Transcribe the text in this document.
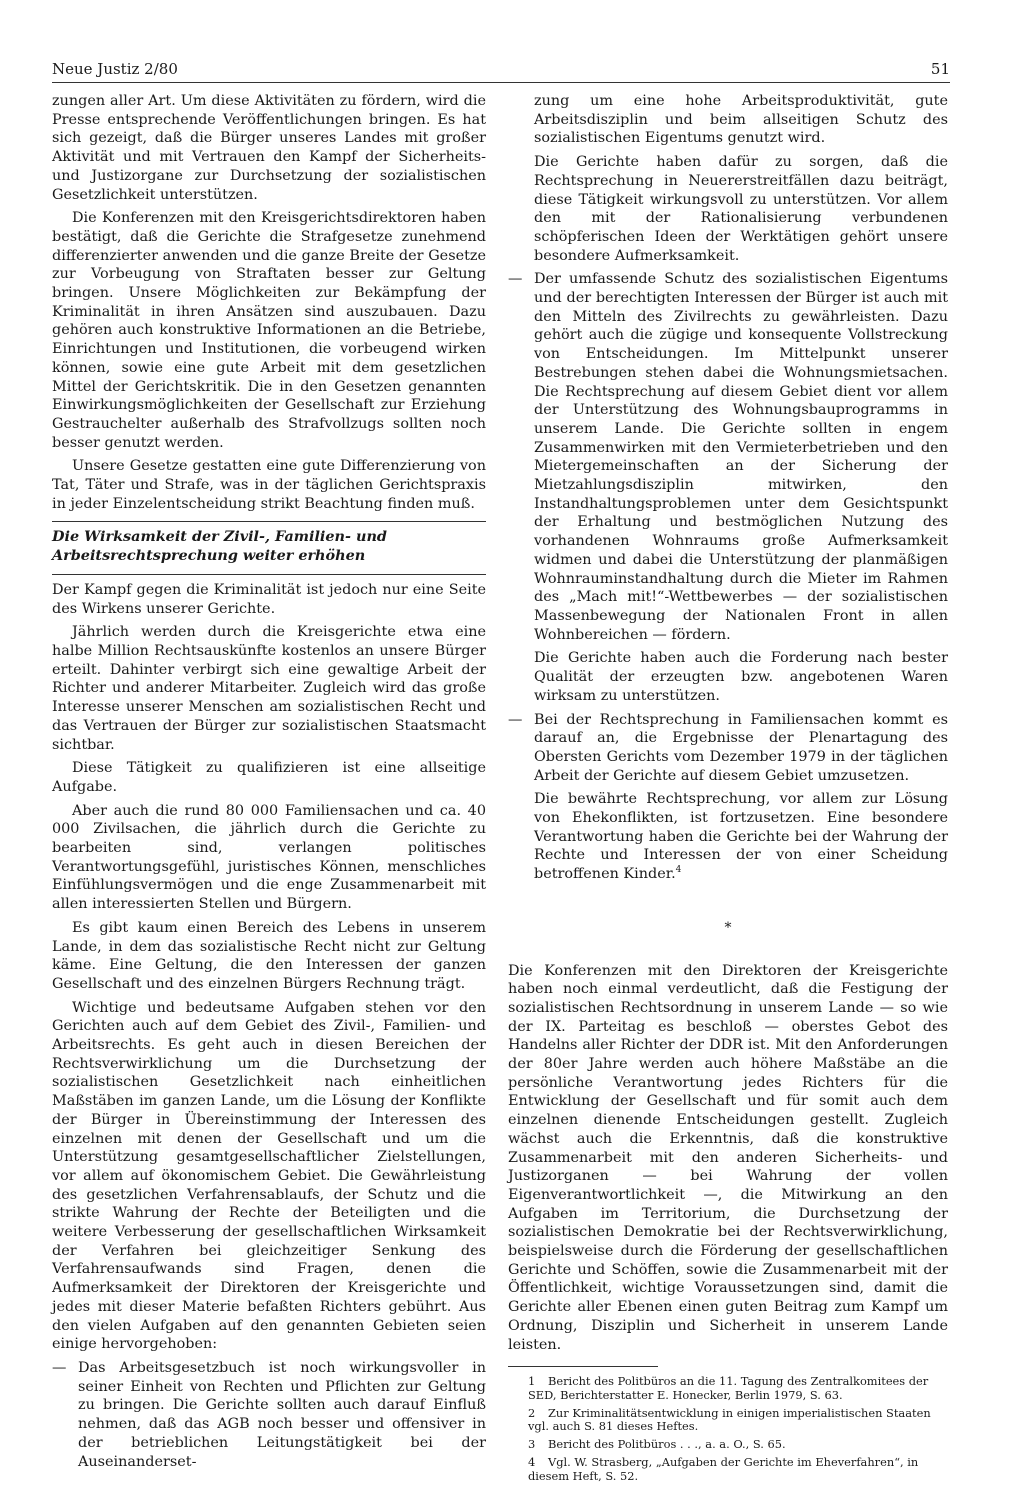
Neue Justiz 2/80	51

zungen aller Art. Um diese Aktivitäten zu fördern, wird die Presse entsprechende Veröffentlichungen bringen. Es hat sich gezeigt, daß die Bürger unseres Landes mit großer Aktivität und mit Vertrauen den Kampf der Sicherheits- und Justizorgane zur Durchsetzung der sozialistischen Gesetzlichkeit unterstützen.

Die Konferenzen mit den Kreisgerichtsdirektoren haben bestätigt, daß die Gerichte die Strafgesetze zunehmend differenzierter anwenden und die ganze Breite der Gesetze zur Vorbeugung von Straftaten besser zur Geltung bringen. Unsere Möglichkeiten zur Bekämpfung der Kriminalität in ihren Ansätzen sind auszubauen. Dazu gehören auch konstruktive Informationen an die Betriebe, Einrichtungen und Institutionen, die vorbeugend wirken können, sowie eine gute Arbeit mit dem gesetzlichen Mittel der Gerichtskritik. Die in den Gesetzen genannten Einwirkungsmöglichkeiten der Gesellschaft zur Erziehung Gestrauchelter außerhalb des Strafvollzugs sollten noch besser genutzt werden.

Unsere Gesetze gestatten eine gute Differenzierung von Tat, Täter und Strafe, was in der täglichen Gerichtspraxis in jeder Einzelentscheidung strikt Beachtung finden muß.

Die Wirksamkeit der Zivil-, Familien- und
Arbeitsrechtsprechung weiter erhöhen

Der Kampf gegen die Kriminalität ist jedoch nur eine Seite des Wirkens unserer Gerichte.

Jährlich werden durch die Kreisgerichte etwa eine halbe Million Rechtsauskünfte kostenlos an unsere Bürger erteilt. Dahinter verbirgt sich eine gewaltige Arbeit der Richter und anderer Mitarbeiter. Zugleich wird das große Interesse unserer Menschen am sozialistischen Recht und das Vertrauen der Bürger zur sozialistischen Staatsmacht sichtbar.

Diese Tätigkeit zu qualifizieren ist eine allseitige Aufgabe.

Aber auch die rund 80 000 Familiensachen und ca. 40 000 Zivilsachen, die jährlich durch die Gerichte zu bearbeiten sind, verlangen politisches Verantwortungsgefühl, juristisches Können, menschliches Einfühlungsvermögen und die enge Zusammenarbeit mit allen interessierten Stellen und Bürgern.

Es gibt kaum einen Bereich des Lebens in unserem Lande, in dem das sozialistische Recht nicht zur Geltung käme. Eine Geltung, die den Interessen der ganzen Gesellschaft und des einzelnen Bürgers Rechnung trägt.

Wichtige und bedeutsame Aufgaben stehen vor den Gerichten auch auf dem Gebiet des Zivil-, Familien- und Arbeitsrechts. Es geht auch in diesen Bereichen der Rechtsverwirklichung um die Durchsetzung der sozialistischen Gesetzlichkeit nach einheitlichen Maßstäben im ganzen Lande, um die Lösung der Konflikte der Bürger in Übereinstimmung der Interessen des einzelnen mit denen der Gesellschaft und um die Unterstützung gesamtgesellschaftlicher Zielstellungen, vor allem auf ökonomischem Gebiet. Die Gewährleistung des gesetzlichen Verfahrensablaufs, der Schutz und die strikte Wahrung der Rechte der Beteiligten und die weitere Verbesserung der gesellschaftlichen Wirksamkeit der Verfahren bei gleichzeitiger Senkung des Verfahrensaufwands sind Fragen, denen die Aufmerksamkeit der Direktoren der Kreisgerichte und jedes mit dieser Materie befaßten Richters gebührt. Aus den vielen Aufgaben auf den genannten Gebieten seien einige hervorgehoben:

— Das Arbeitsgesetzbuch ist noch wirkungsvoller in seiner Einheit von Rechten und Pflichten zur Geltung zu bringen. Die Gerichte sollten auch darauf Einfluß nehmen, daß das AGB noch besser und offensiver in der betrieblichen Leitungstätigkeit bei der Auseinanderset-
zung um eine hohe Arbeitsproduktivität, gute Arbeitsdisziplin und beim allseitigen Schutz des sozialistischen Eigentums genutzt wird.
Die Gerichte haben dafür zu sorgen, daß die Rechtsprechung in Neuererstreitfällen dazu beiträgt, diese Tätigkeit wirkungsvoll zu unterstützen. Vor allem den mit der Rationalisierung verbundenen schöpferischen Ideen der Werktätigen gehört unsere besondere Aufmerksamkeit.
— Der umfassende Schutz des sozialistischen Eigentums und der berechtigten Interessen der Bürger ist auch mit den Mitteln des Zivilrechts zu gewährleisten. Dazu gehört auch die zügige und konsequente Vollstreckung von Entscheidungen. Im Mittelpunkt unserer Bestrebungen stehen dabei die Wohnungsmietsachen. Die Rechtsprechung auf diesem Gebiet dient vor allem der Unterstützung des Wohnungsbauprogramms in unserem Lande. Die Gerichte sollten in engem Zusammenwirken mit den Vermieterbetrieben und den Mietergemeinschaften an der Sicherung der Mietzahlungsdisziplin mitwirken, den Instandhaltungsproblemen unter dem Gesichtspunkt der Erhaltung und bestmöglichen Nutzung des vorhandenen Wohnraums große Aufmerksamkeit widmen und dabei die Unterstützung der planmäßigen Wohnrauminstandhaltung durch die Mieter im Rahmen des „Mach mit!“-Wettbewerbes — der sozialistischen Massenbewegung der Nationalen Front in allen Wohnbereichen — fördern.
Die Gerichte haben auch die Forderung nach bester Qualität der erzeugten bzw. angebotenen Waren wirksam zu unterstützen.
— Bei der Rechtsprechung in Familiensachen kommt es darauf an, die Ergebnisse der Plenartagung des Obersten Gerichts vom Dezember 1979 in der täglichen Arbeit der Gerichte auf diesem Gebiet umzusetzen.
Die bewährte Rechtsprechung, vor allem zur Lösung von Ehekonflikten, ist fortzusetzen. Eine besondere Verantwortung haben die Gerichte bei der Wahrung der Rechte und Interessen der von einer Scheidung betroffenen Kinder.$^4$
*

Die Konferenzen mit den Direktoren der Kreisgerichte haben noch einmal verdeutlicht, daß die Festigung der sozialistischen Rechtsordnung in unserem Lande — so wie der IX. Parteitag es beschloß — oberstes Gebot des Handelns aller Richter der DDR ist. Mit den Anforderungen der 80er Jahre werden auch höhere Maßstäbe an die persönliche Verantwortung jedes Richters für die Entwicklung der Gesellschaft und für somit auch dem einzelnen dienende Entscheidungen gestellt. Zugleich wächst auch die Erkenntnis, daß die konstruktive Zusammenarbeit mit den anderen Sicherheits- und Justizorganen — bei Wahrung der vollen Eigenverantwortlichkeit —, die Mitwirkung an den Aufgaben im Territorium, die Durchsetzung der sozialistischen Demokratie bei der Rechtsverwirklichung, beispielsweise durch die Förderung der gesellschaftlichen Gerichte und Schöffen, sowie die Zusammenarbeit mit der Öffentlichkeit, wichtige Voraussetzungen sind, damit die Gerichte aller Ebenen einen guten Beitrag zum Kampf um Ordnung, Disziplin und Sicherheit in unserem Lande leisten.

1 Bericht des Politbüros an die 11. Tagung des Zentralkomitees der SED, Berichterstatter E. Honecker, Berlin 1979, S. 63.

2 Zur Kriminalitätsentwicklung in einigen imperialistischen Staaten vgl. auch S. 81 dieses Heftes.

3 Bericht des Politbüros . . ., a. a. O., S. 65.

4 Vgl. W. Strasberg, „Aufgaben der Gerichte im Eheverfahren“, in diesem Heft, S. 52.
